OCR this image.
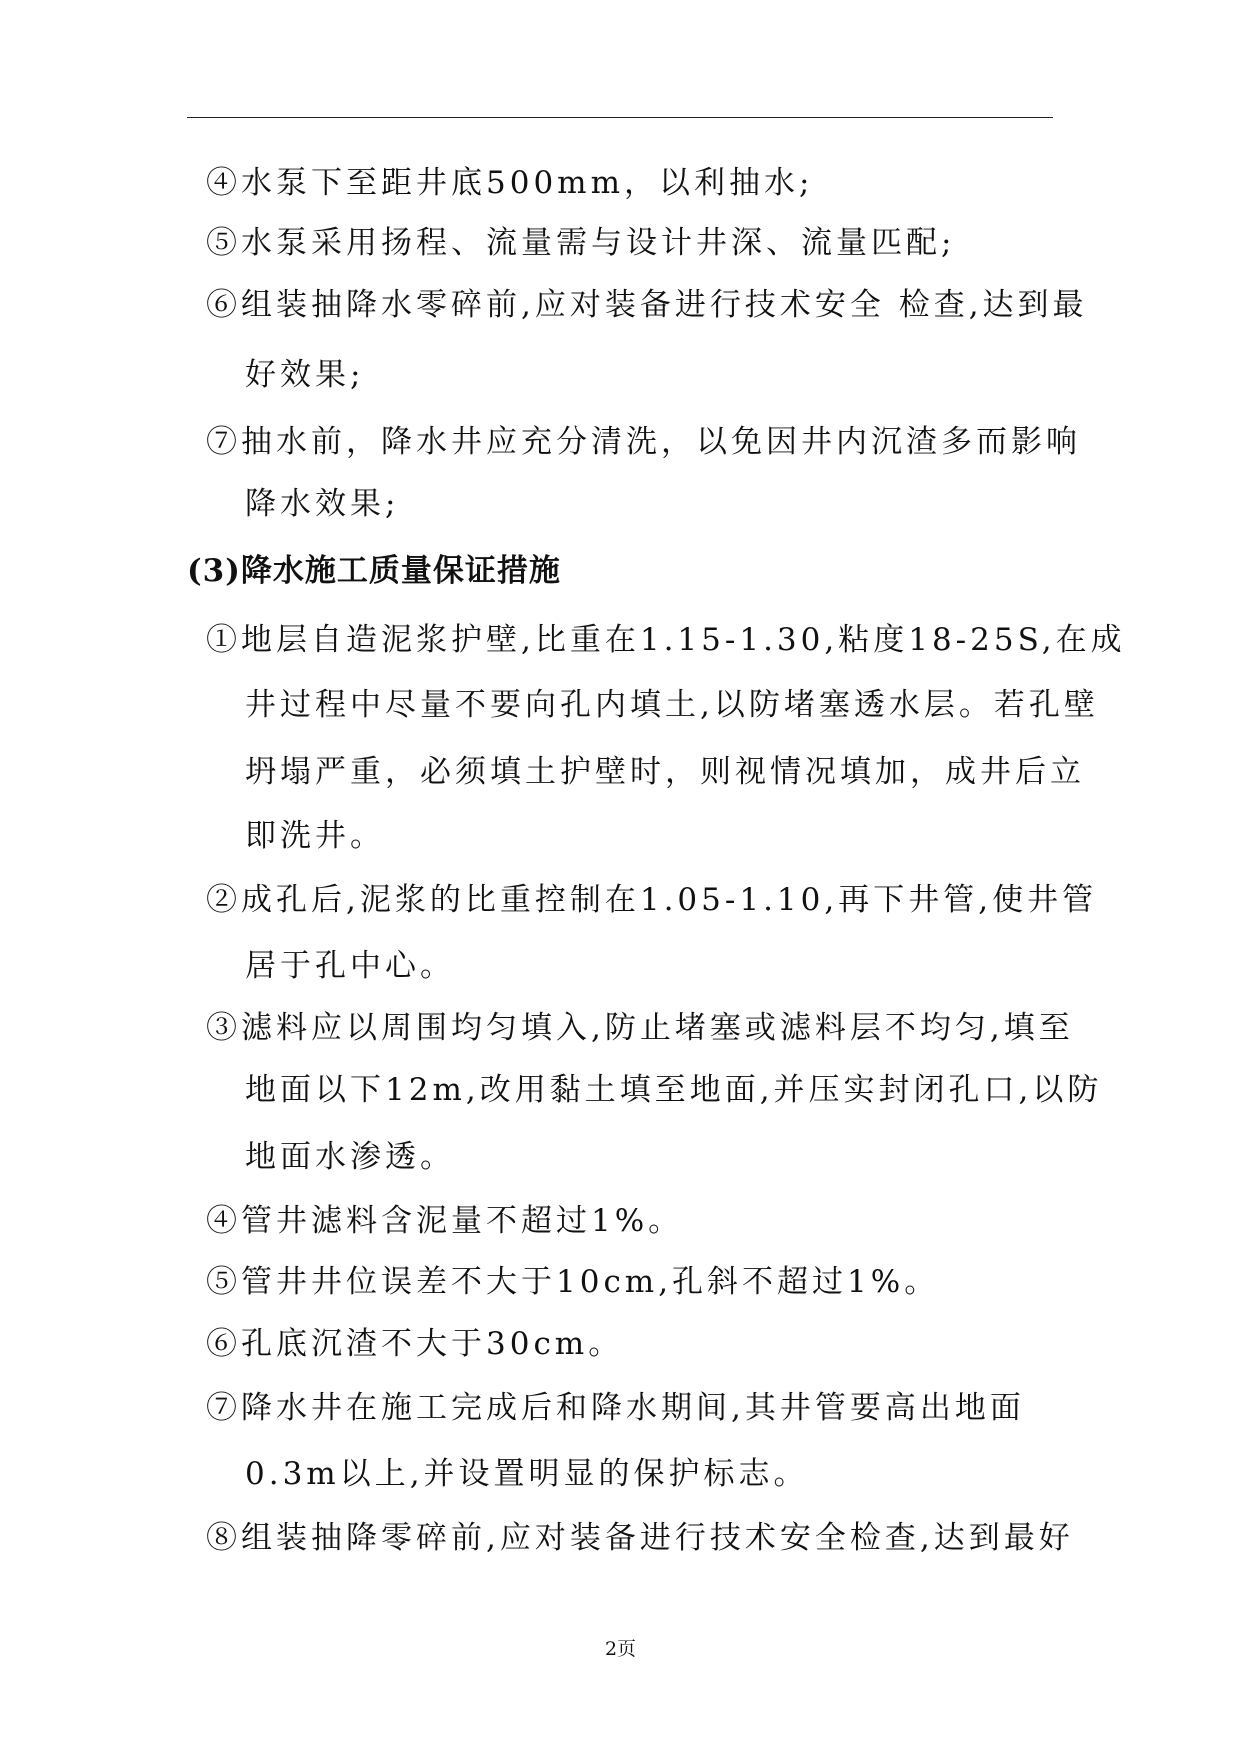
④水泵下至距井底500mm，以利抽水;
⑤水泵采用扬程、流量需与设计井深、流量匹配;
⑥组装抽降水零碎前,应对装备进行技术安全 检查,达到最
好效果;
⑦抽水前，降水井应充分清洗，以免因井内沉渣多而影响
降水效果;
(3)降水施工质量保证措施
①地层自造泥浆护壁,比重在1.15-1.30,粘度18-25S,在成
井过程中尽量不要向孔内填土,以防堵塞透水层。若孔壁
坍塌严重，必须填土护壁时，则视情况填加，成井后立
即洗井。
②成孔后,泥浆的比重控制在1.05-1.10,再下井管,使井管
居于孔中心。
③滤料应以周围均匀填入,防止堵塞或滤料层不均匀,填至
地面以下12m,改用黏土填至地面,并压实封闭孔口,以防
地面水渗透。
④管井滤料含泥量不超过1%。
⑤管井井位误差不大于10cm,孔斜不超过1%。
⑥孔底沉渣不大于30cm。
⑦降水井在施工完成后和降水期间,其井管要高出地面
0.3m以上,并设置明显的保护标志。
⑧组装抽降零碎前,应对装备进行技术安全检查,达到最好
2页
